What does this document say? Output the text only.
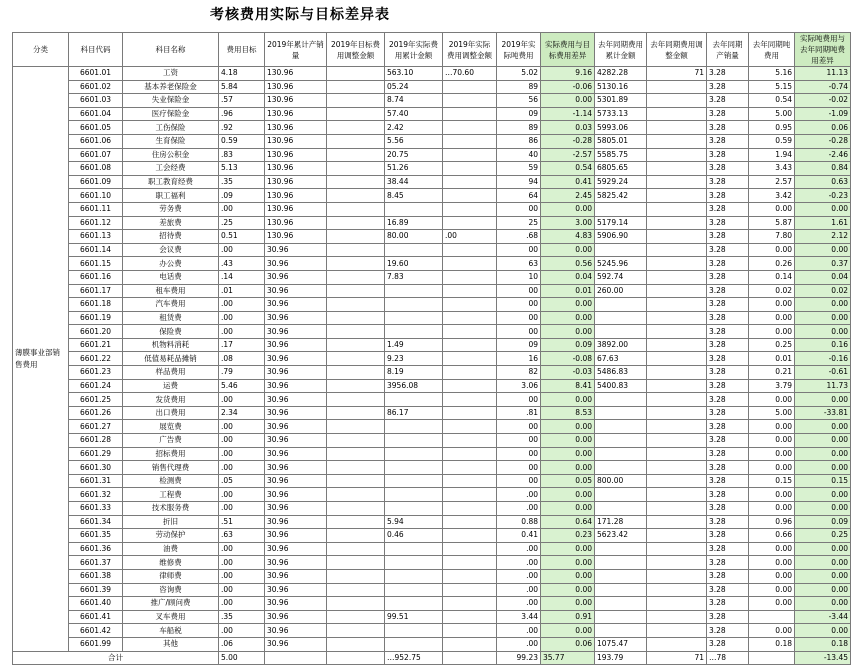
考核费用实际与目标差异表
分类	科目代码	科目名称	费用目标	2019年累计产销量	2019年目标费用调整金额	2019年实际费用累计金额	2019年实际费用调整金额	2019年实际吨费用	实际费用与目标费用差异	去年同期费用累计金额	去年同期费用调整金额	去年同期产销量	去年同期吨费用	实际吨费用与去年同期吨费用差异
薄膜事业部销售费用	6601.01	工资	4.18	130.96		563.10	…70.60	5.02	9.16	4282.28	71	3.28	5.16	11.13
	6601.02	基本养老保险金	5.84	130.96		05.24		89	-0.06	5130.16		3.28	5.15	-0.74
	6601.03	失业保险金	.57	130.96		8.74		56	0.00	5301.89		3.28	0.54	-0.02
	6601.04	医疗保险金	.96	130.96		57.40		09	-1.14	5733.13		3.28	5.00	-1.09
	6601.05	工伤保险	.92	130.96		2.42		89	0.03	5993.06		3.28	0.95	0.06
	6601.06	生育保险	0.59	130.96		5.56		86	-0.28	5805.01		3.28	0.59	-0.28
	6601.07	住房公积金	.83	130.96		20.75		40	-2.57	5585.75		3.28	1.94	-2.46
	6601.08	工会经费	5.13	130.96		51.26		59	0.54	6805.65		3.28	3.43	0.84
	6601.09	职工教育经费	.35	130.96		38.44		94	0.41	5929.24		3.28	2.57	0.63
	6601.10	职工福利	.09	130.96		8.45		64	2.45	5825.42		3.28	3.42	-0.23
	6601.11	劳务费	.00	130.96				00	0.00			3.28	0.00	0.00
	6601.12	差旅费	.25	130.96		16.89		25	3.00	5179.14		3.28	5.87	1.61
	6601.13	招待费	0.51	130.96		80.00	.00	.68	4.83	5906.90		3.28	7.80	2.12
	6601.14	会议费	.00	30.96				00	0.00			3.28	0.00	0.00
	6601.15	办公费	.43	30.96		19.60		63	0.56	5245.96		3.28	0.26	0.37
	6601.16	电话费	.14	30.96		7.83		10	0.04	592.74		3.28	0.14	0.04
	6601.17	租车费用	.01	30.96				00	0.01	260.00		3.28	0.02	0.02
	6601.18	汽车费用	.00	30.96				00	0.00			3.28	0.00	0.00
	6601.19	租赁费	.00	30.96				00	0.00			3.28	0.00	0.00
	6601.20	保险费	.00	30.96				00	0.00			3.28	0.00	0.00
	6601.21	机物料消耗	.17	30.96		1.49		09	0.09	3892.00		3.28	0.25	0.16
	6601.22	低值易耗品摊销	.08	30.96		9.23		16	-0.08	67.63		3.28	0.01	-0.16
	6601.23	样品费用	.79	30.96		8.19		82	-0.03	5486.83		3.28	0.21	-0.61
	6601.24	运费	5.46	30.96		3956.08		3.06	8.41	5400.83		3.28	3.79	11.73
	6601.25	发货费用	.00	30.96				00	0.00			3.28	0.00	0.00
	6601.26	出口费用	2.34	30.96		86.17		.81	8.53			3.28	5.00	-33.81
	6601.27	展览费	.00	30.96				00	0.00			3.28	0.00	0.00
	6601.28	广告费	.00	30.96				00	0.00			3.28	0.00	0.00
	6601.29	招标费用	.00	30.96				00	0.00			3.28	0.00	0.00
	6601.30	销售代理费	.00	30.96				00	0.00			3.28	0.00	0.00
	6601.31	检测费	.05	30.96				00	0.05	800.00		3.28	0.15	0.15
	6601.32	工程费	.00	30.96				.00	0.00			3.28	0.00	0.00
	6601.33	技术服务费	.00	30.96				.00	0.00			3.28	0.00	0.00
	6601.34	折旧	.51	30.96		5.94		0.88	0.64	171.28		3.28	0.96	0.09
	6601.35	劳动保护	.63	30.96		0.46		0.41	0.23	5623.42		3.28	0.66	0.25
	6601.36	油费	.00	30.96				.00	0.00			3.28	0.00	0.00
	6601.37	维修费	.00	30.96				.00	0.00			3.28	0.00	0.00
	6601.38	律师费	.00	30.96				.00	0.00			3.28	0.00	0.00
	6601.39	咨询费	.00	30.96				.00	0.00			3.28	0.00	0.00
	6601.40	推广/顾问费	.00	30.96				.00	0.00			3.28	0.00	0.00
	6601.41	叉车费用	.35	30.96		99.51		3.44	0.91			3.28		-3.44
	6601.42	车船税	.00	30.96				.00	0.00			3.28	0.00	0.00
	6601.99	其他	.06	30.96				.00	0.06	1075.47		3.28	0.18	0.18
合计			5.00			…952.75		99.23	35.77	193.79	71	…78		-13.45
